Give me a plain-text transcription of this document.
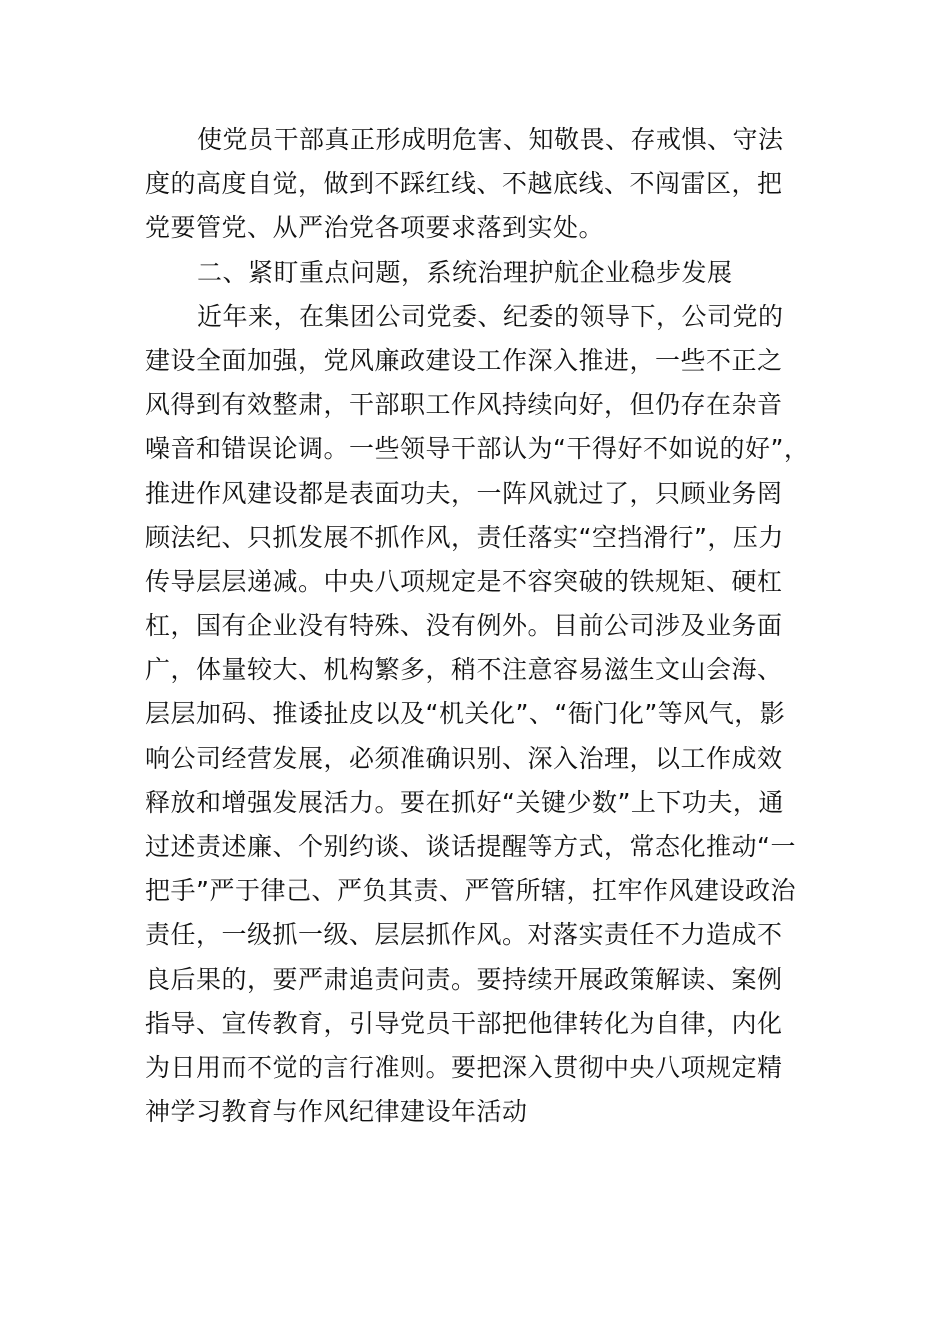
使党员干部真正形成明危害、知敬畏、存戒惧、守法
度的高度自觉，做到不踩红线、不越底线、不闯雷区，把
党要管党、从严治党各项要求落到实处。
二、紧盯重点问题，系统治理护航企业稳步发展
近年来，在集团公司党委、纪委的领导下，公司党的
建设全面加强，党风廉政建设工作深入推进，一些不正之
风得到有效整肃，干部职工作风持续向好，但仍存在杂音
噪音和错误论调。一些领导干部认为“干得好不如说的好”，
推进作风建设都是表面功夫，一阵风就过了，只顾业务罔
顾法纪、只抓发展不抓作风，责任落实“空挡滑行”，压力
传导层层递减。中央八项规定是不容突破的铁规矩、硬杠
杠，国有企业没有特殊、没有例外。目前公司涉及业务面
广，体量较大、机构繁多，稍不注意容易滋生文山会海、
层层加码、推诿扯皮以及“机关化”、“衙门化”等风气，影
响公司经营发展，必须准确识别、深入治理，以工作成效
释放和增强发展活力。要在抓好“关键少数”上下功夫，通
过述责述廉、个别约谈、谈话提醒等方式，常态化推动“一
把手”严于律己、严负其责、严管所辖，扛牢作风建设政治
责任，一级抓一级、层层抓作风。对落实责任不力造成不
良后果的，要严肃追责问责。要持续开展政策解读、案例
指导、宣传教育，引导党员干部把他律转化为自律，内化
为日用而不觉的言行准则。要把深入贯彻中央八项规定精
神学习教育与作风纪律建设年活动
